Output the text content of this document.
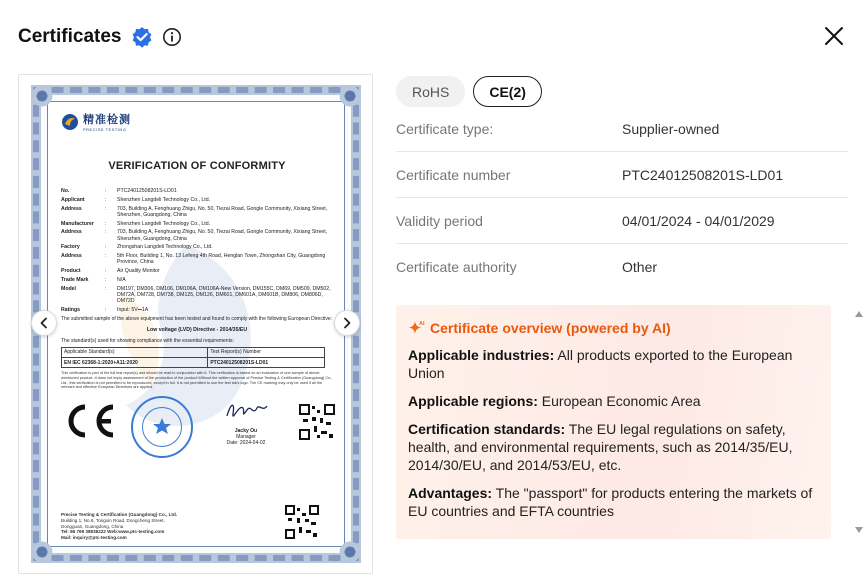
Certificates
精准检测
PRECISE TESTING
VERIFICATION OF CONFORMITY
No.	:	PTC24012508201S-LD01
Applicant	:	Shenzhen Langdeli Technology Co., Ltd.
Address	:	703, Building A, Fenghuang Zhigu, No. 50, Tiezai Road, Gongle Community, Xixiang Street, Shenzhen, Guangdong, China
Manufacturer	:	Shenzhen Langdeli Technology Co., Ltd.
Address	:	703, Building A, Fenghuang Zhigu, No. 50, Tiezai Road, Gongle Community, Xixiang Street, Shenzhen, Guangdong, China
Factory	:	Zhongshan Langdeli Technology Co., Ltd.
Address	:	5th Floor, Building 1, No. 13 Lefeng 4th Road, Henglan Town, Zhongshan City, Guangdong Province, China
Product	:	Air Quality Monitor
Trade Mark	:	N/A
Model	:	DM197, DM306, DM106, DM106A, DM106A-New Version, DM155C, DM69, DM509, DM502, DM72A, DM728, DM738, DM125, DM126, DM601, DM601A, DM601B, DM806, DM806D, DM72D
Ratings	:	Input: 5V⎓1A
The submitted sample of the above equipment has been tested and found to comply with the following European Directive:
Low voltage (LVD) Directive - 2014/35/EU
The standard(s) used for showing compliance with the essential requirements:
Applicable Standard(s)	Test Report(s) Number
EN IEC 62368-1:2020+A11:2020	PTC24012508201S-LD01
This verification is part of the full test report(s) and should be read in conjunction with it. This verification is based on an evaluation of one sample of above mentioned product. It does not imply assessment of the production of the product.Without the written approval of Precise Testing & Certification (Guangdong) Co., Ltd., this verification is not permitted to be reproduced, except in full. It is not permitted to use the test lab's logo. The CE marking may only be used if all the relevant and effective European Directives are applied.
Jacky Ou
Manager
Date: 2024-04-02
Precise Testing & Certification (Guangdong) Co., Ltd.
Building 1, No.8, Tongxin Road, Dongcheng Street,
Dongguan, Guangdong, China
Tel: 86 769 38838222 Web:www.ptc-testing.com
Mail: inquiry@ptc-testing.com
RoHS	CE(2)
Certificate type:	Supplier-owned
Certificate number	PTC24012508201S-LD01
Validity period	04/01/2024 - 04/01/2029
Certificate authority	Other
AI Certificate overview (powered by AI)
Applicable industries: All products exported to the European Union
Applicable regions: European Economic Area
Certification standards: The EU legal regulations on safety, health, and environmental requirements, such as 2014/35/EU, 2014/30/EU, and 2014/53/EU, etc.
Advantages: The "passport" for products entering the markets of EU countries and EFTA countries
